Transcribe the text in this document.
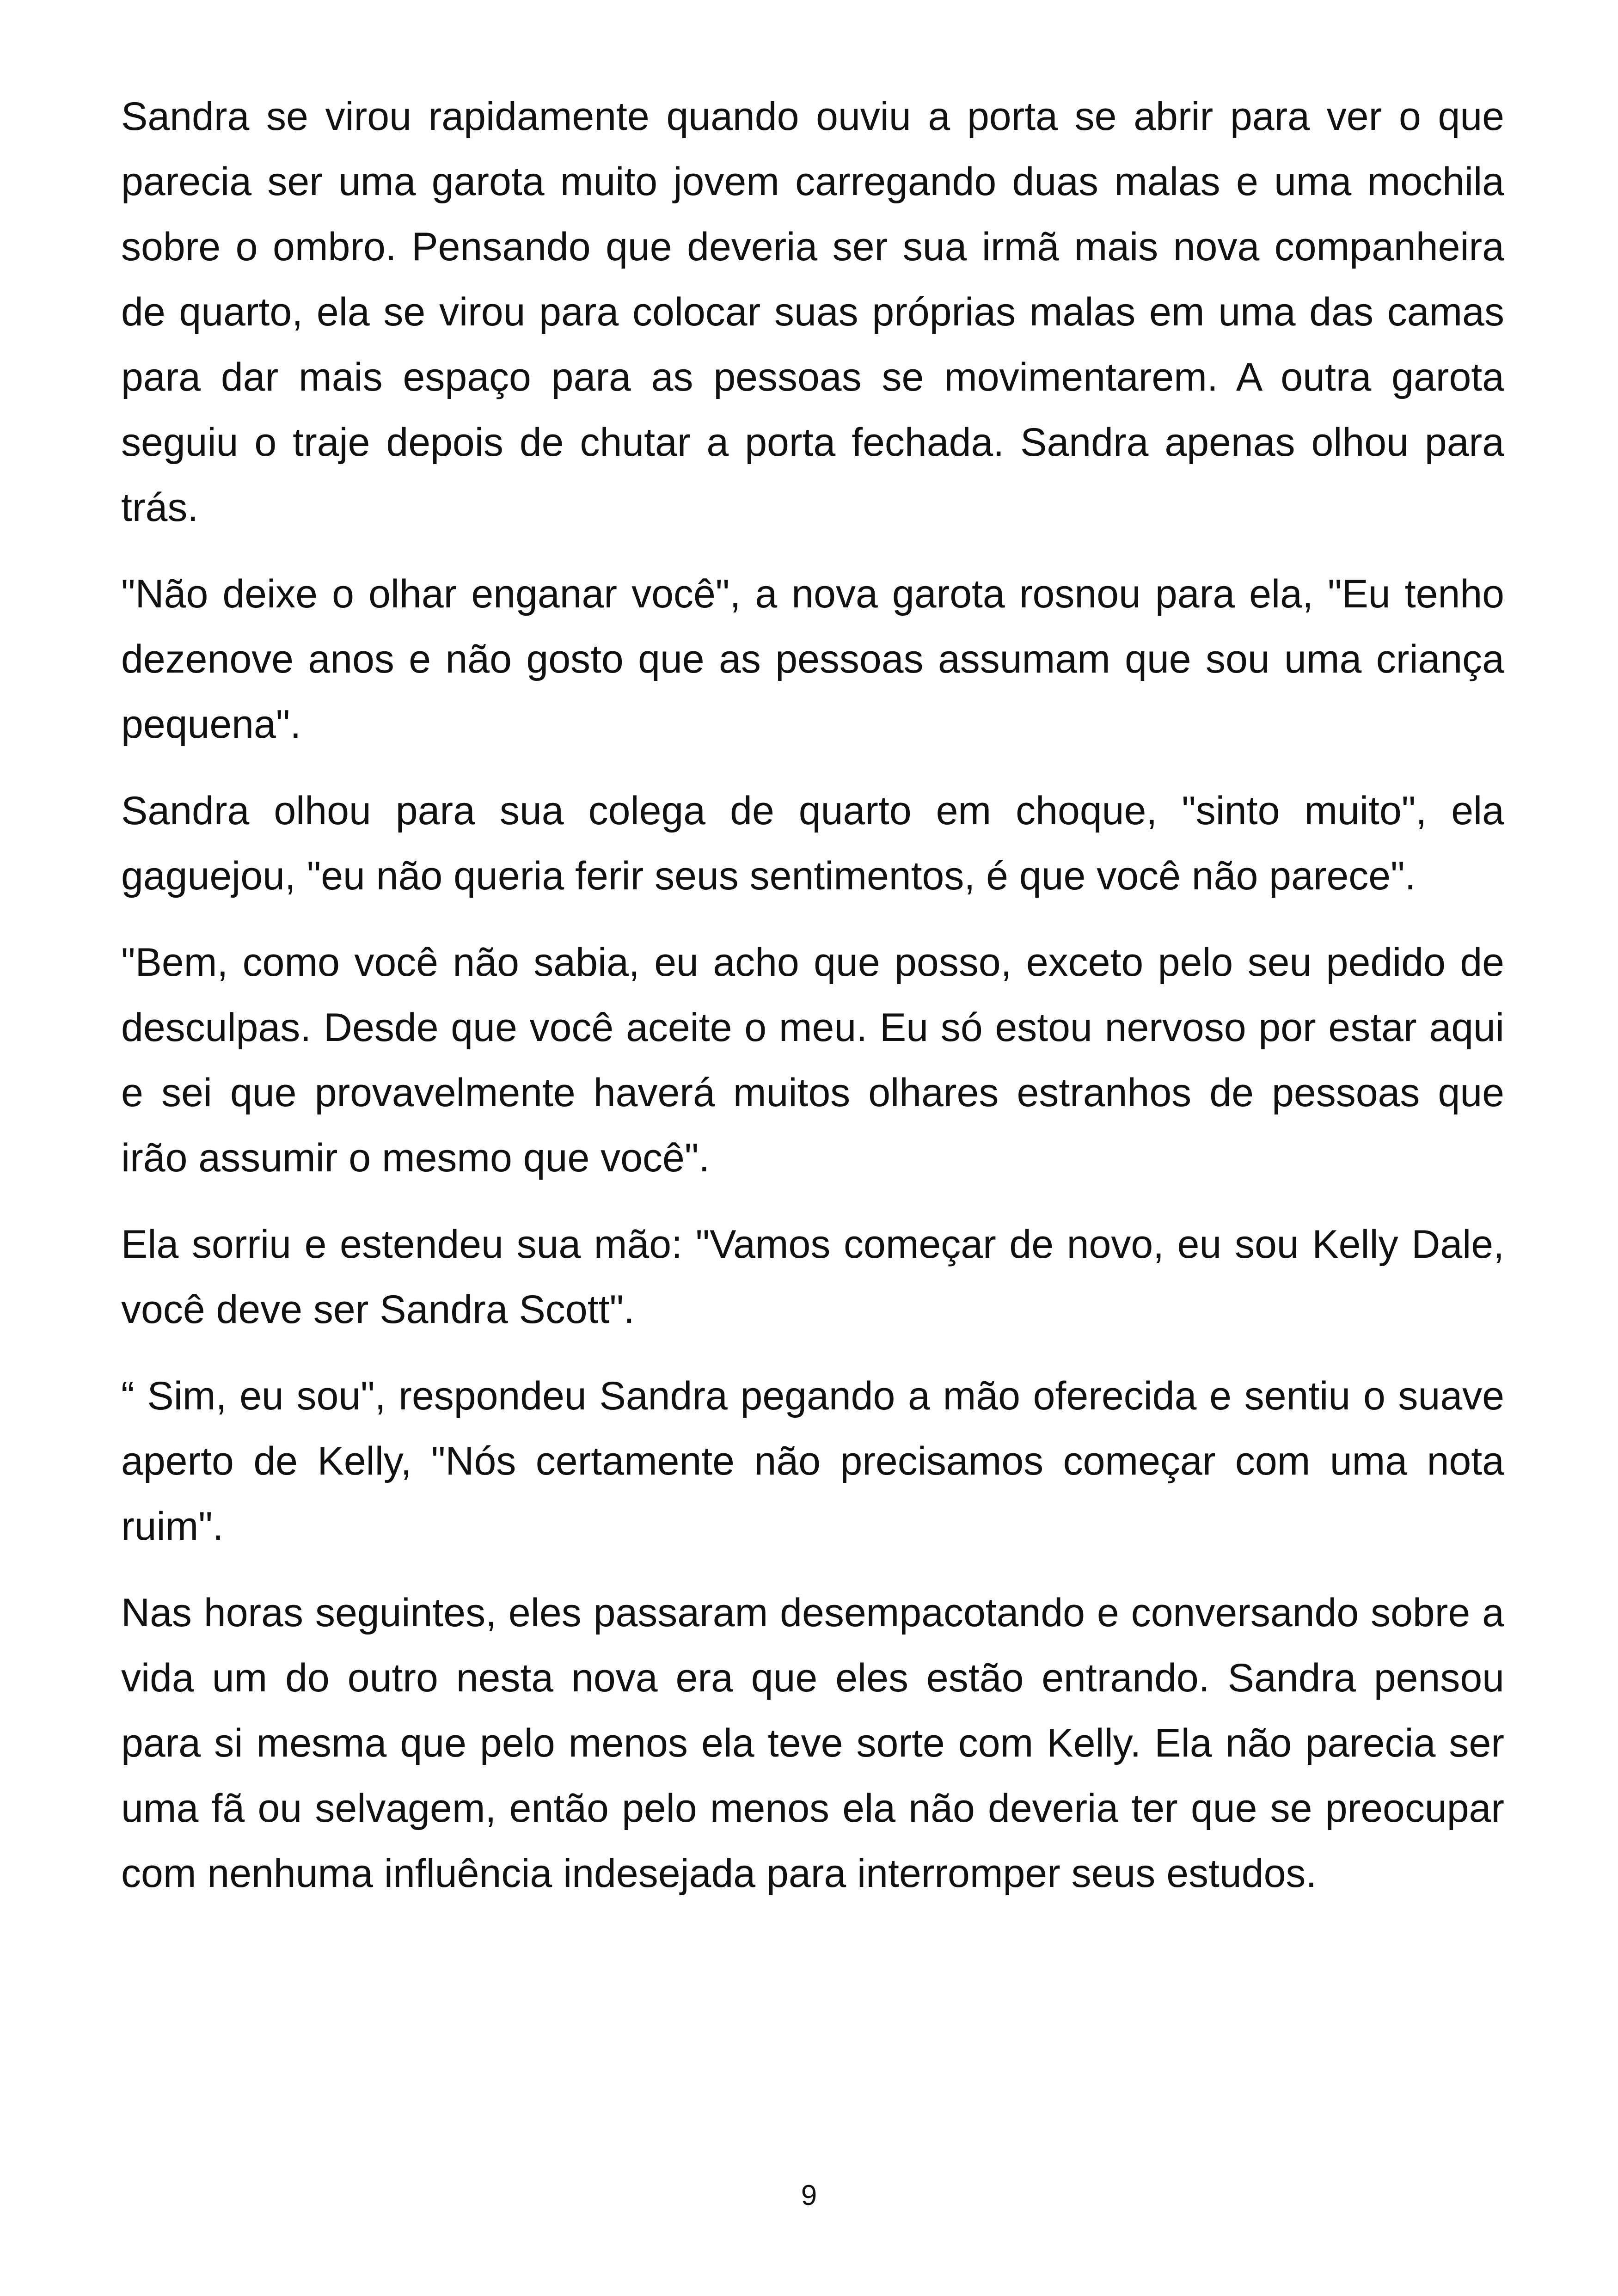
Sandra se virou rapidamente quando ouviu a porta se abrir para ver o que parecia ser uma garota muito jovem carregando duas malas e uma mochila sobre o ombro. Pensando que deveria ser sua irmã mais nova companheira de quarto, ela se virou para colocar suas próprias malas em uma das camas para dar mais espaço para as pessoas se movimentarem. A outra garota seguiu o traje depois de chutar a porta fechada. Sandra apenas olhou para trás.

"Não deixe o olhar enganar você", a nova garota rosnou para ela, "Eu tenho dezenove anos e não gosto que as pessoas assumam que sou uma criança pequena".

Sandra olhou para sua colega de quarto em choque, "sinto muito", ela gaguejou, "eu não queria ferir seus sentimentos, é que você não parece".

"Bem, como você não sabia, eu acho que posso, exceto pelo seu pedido de desculpas. Desde que você aceite o meu. Eu só estou nervoso por estar aqui e sei que provavelmente haverá muitos olhares estranhos de pessoas que irão assumir o mesmo que você".

Ela sorriu e estendeu sua mão: "Vamos começar de novo, eu sou Kelly Dale, você deve ser Sandra Scott".

“ Sim, eu sou", respondeu Sandra pegando a mão oferecida e sentiu o suave aperto de Kelly, "Nós certamente não precisamos começar com uma nota ruim".

Nas horas seguintes, eles passaram desempacotando e conversando sobre a vida um do outro nesta nova era que eles estão entrando. Sandra pensou para si mesma que pelo menos ela teve sorte com Kelly. Ela não parecia ser uma fã ou selvagem, então pelo menos ela não deveria ter que se preocupar com nenhuma influência indesejada para interromper seus estudos.

9
